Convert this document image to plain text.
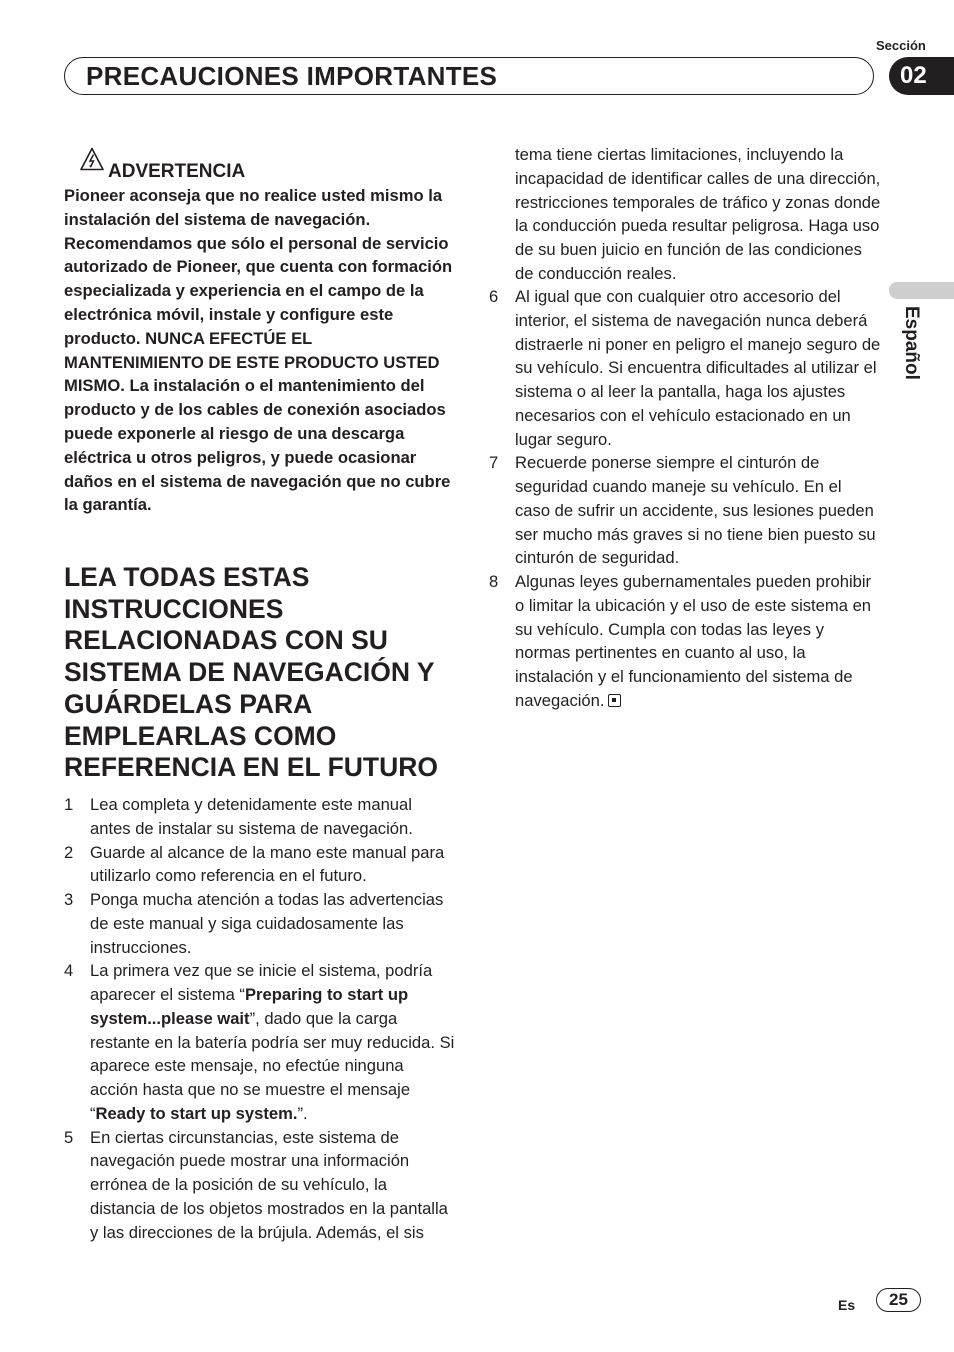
Sección
PRECAUCIONES IMPORTANTES	02
Español
ADVERTENCIA
Pioneer aconseja que no realice usted mismo la instalación del sistema de navegación. Recomendamos que sólo el personal de servicio autorizado de Pioneer, que cuenta con formación especializada y experiencia en el campo de la electrónica móvil, instale y configure este producto. NUNCA EFECTÚE EL MANTENIMIENTO DE ESTE PRODUCTO USTED MISMO. La instalación o el mantenimiento del producto y de los cables de conexión asociados puede exponerle al riesgo de una descarga eléctrica u otros peligros, y puede ocasionar daños en el sistema de navegación que no cubre la garantía.
LEA TODAS ESTAS INSTRUCCIONES RELACIONADAS CON SU SISTEMA DE NAVEGACIÓN Y GUÁRDELAS PARA EMPLEARLAS COMO REFERENCIA EN EL FUTURO
1 Lea completa y detenidamente este manual antes de instalar su sistema de navegación.
2 Guarde al alcance de la mano este manual para utilizarlo como referencia en el futuro.
3 Ponga mucha atención a todas las advertencias de este manual y siga cuidadosamente las instrucciones.
4 La primera vez que se inicie el sistema, podría aparecer el sistema “Preparing to start up system...please wait”, dado que la carga restante en la batería podría ser muy reducida. Si aparece este mensaje, no efectúe ninguna acción hasta que no se muestre el mensaje “Ready to start up system.”.
5 En ciertas circunstancias, este sistema de navegación puede mostrar una información errónea de la posición de su vehículo, la distancia de los objetos mostrados en la pantalla y las direcciones de la brújula. Además, el sis
tema tiene ciertas limitaciones, incluyendo la incapacidad de identificar calles de una dirección, restricciones temporales de tráfico y zonas donde la conducción pueda resultar peligrosa. Haga uso de su buen juicio en función de las condiciones de conducción reales.
6 Al igual que con cualquier otro accesorio del interior, el sistema de navegación nunca deberá distraerle ni poner en peligro el manejo seguro de su vehículo. Si encuentra dificultades al utilizar el sistema o al leer la pantalla, haga los ajustes necesarios con el vehículo estacionado en un lugar seguro.
7 Recuerde ponerse siempre el cinturón de seguridad cuando maneje su vehículo. En el caso de sufrir un accidente, sus lesiones pueden ser mucho más graves si no tiene bien puesto su cinturón de seguridad.
8 Algunas leyes gubernamentales pueden prohibir o limitar la ubicación y el uso de este sistema en su vehículo. Cumpla con todas las leyes y normas pertinentes en cuanto al uso, la instalación y el funcionamiento del sistema de navegación.
Es	25
